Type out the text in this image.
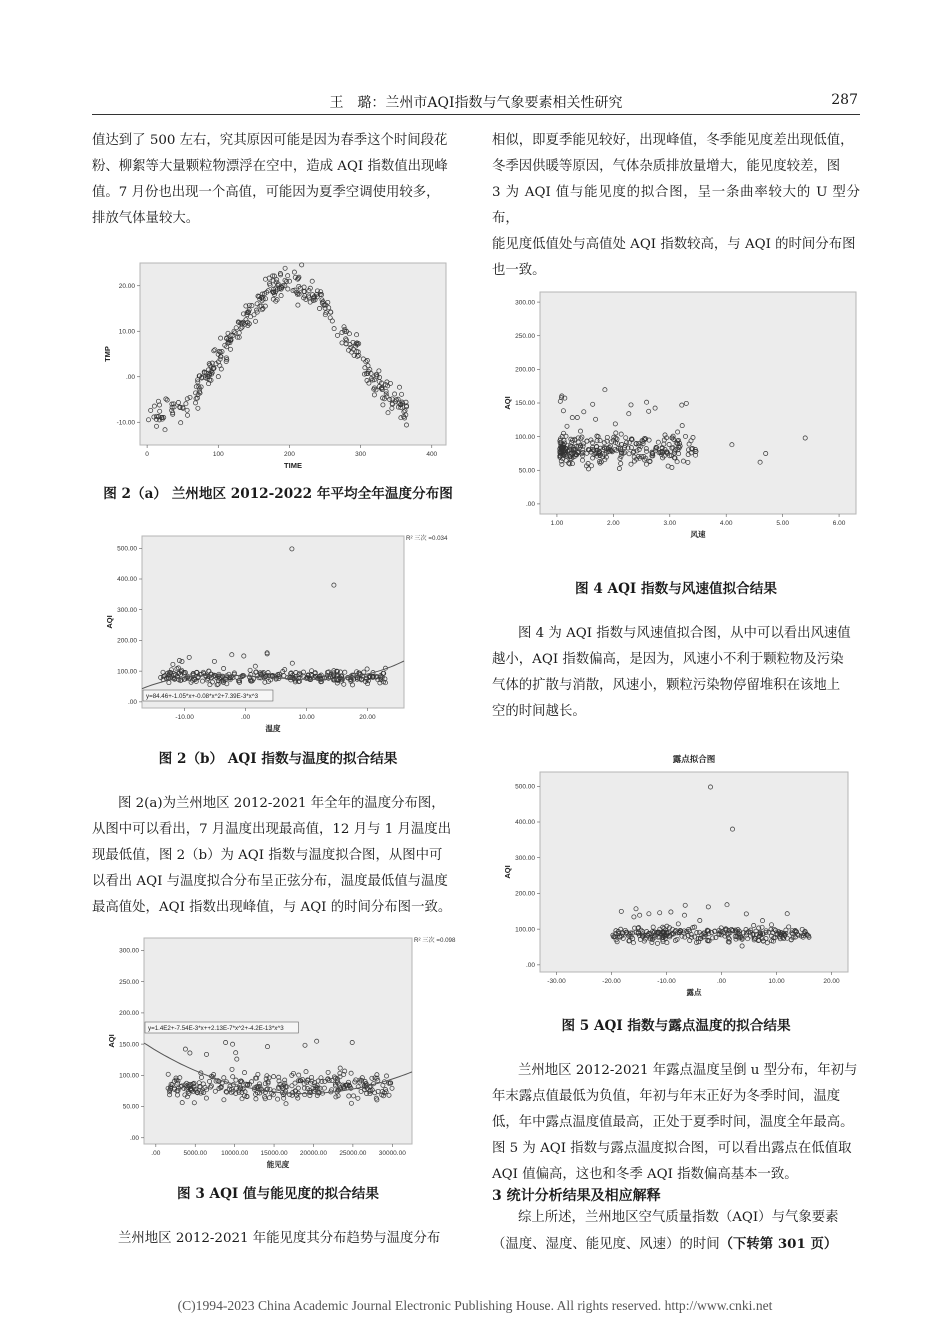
王　璐：兰州市AQI指数与气象要素相关性研究	287

值达到了 500 左右，究其原因可能是因为春季这个时间段花

粉、柳絮等大量颗粒物漂浮在空中，造成 AQI 指数值出现峰

值。7 月份也出现一个高值，可能因为夏季空调使用较多，

排放气体量较大。

0	100	200	300	400
-10.00
.00
10.00
20.00
TIME
TMP
图 2（a） 兰州地区 2012-2022 年平均全年温度分布图
-10.00	.00	10.00	20.00
.00
100.00
200.00
300.00
400.00
500.00
温度
AQI
R² 三次 =0.034
y=84.46+-1.05*x+-0.08*x^2+7.39E-3*x^3
图 2（b） AQI 指数与温度的拟合结果

图 2(a)为兰州地区 2012-2021 年全年的温度分布图，

从图中可以看出，7 月温度出现最高值，12 月与 1 月温度出

现最低值，图 2（b）为 AQI 指数与温度拟合图，从图中可

以看出 AQI 与温度拟合分布呈正弦分布，温度最低值与温度

最高值处，AQI 指数出现峰值，与 AQI 的时间分布图一致。

.00	5000.00 10000.00 15000.00 20000.00 25000.00 30000.00
.00
50.00
100.00
150.00
200.00
250.00
300.00
能见度
AQI
R² 三次 =0.098
y=1.4E2+-7.54E-3*x++2.13E-7*x^2+-4.2E-13*x^3
图 3 AQI 值与能见度的拟合结果

兰州地区 2012-2021 年能见度其分布趋势与温度分布

相似，即夏季能见较好，出现峰值，冬季能见度差出现低值，

冬季因供暖等原因，气体杂质排放量增大，能见度较差，图

3 为 AQI 值与能见度的拟合图，呈一条曲率较大的 U 型分布，

能见度低值处与高值处 AQI 指数较高，与 AQI 的时间分布图

也一致。

1.00	2.00	3.00	4.00	5.00	6.00
.00
50.00
100.00
150.00
200.00
250.00
300.00
风速
AQI
图 4 AQI 指数与风速值拟合结果

图 4 为 AQI 指数与风速值拟合图，从中可以看出风速值

越小，AQI 指数偏高，是因为，风速小不利于颗粒物及污染

气体的扩散与消散，风速小，颗粒污染物停留堆积在该地上

空的时间越长。

露点拟合图
-30.00	-20.00	-10.00	.00	10.00	20.00
.00
100.00
200.00
300.00
400.00
500.00
露点
AQI
图 5 AQI 指数与露点温度的拟合结果

兰州地区 2012-2021 年露点温度呈倒 u 型分布，年初与

年末露点值最低为负值，年初与年末正好为冬季时间，温度

低，年中露点温度值最高，正处于夏季时间，温度全年最高。

图 5 为 AQI 指数与露点温度拟合图，可以看出露点在低值取

AQI 值偏高，这也和冬季 AQI 指数偏高基本一致。

3 统计分析结果及相应解释

综上所述，兰州地区空气质量指数（AQI）与气象要素

（温度、湿度、能见度、风速）的时间（下转第 301 页）

(C)1994-2023 China Academic Journal Electronic Publishing House. All rights reserved. http://www.cnki.net
